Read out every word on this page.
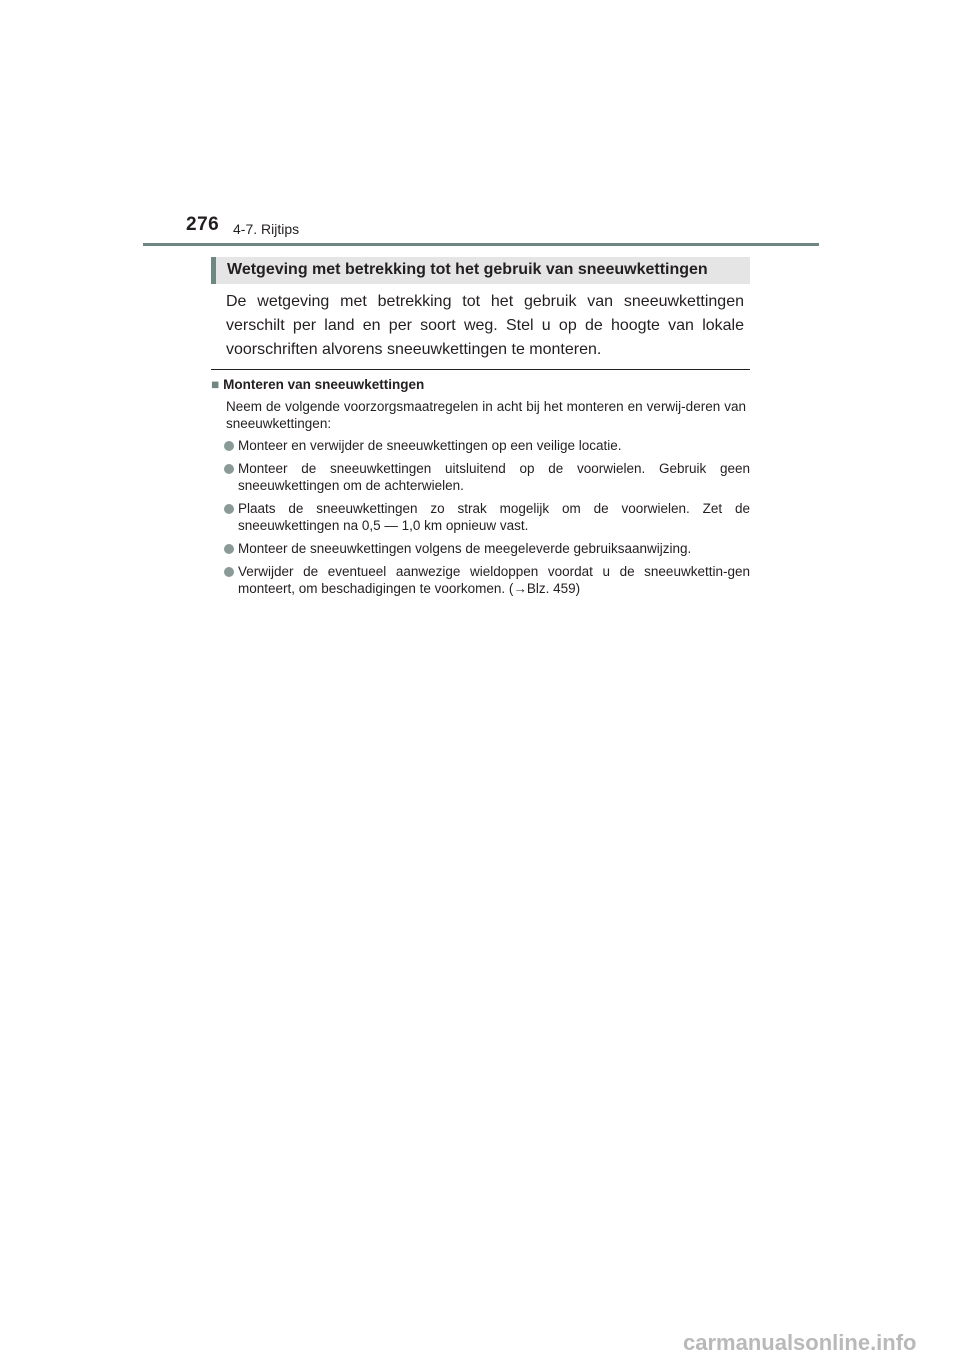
276 4-7. Rijtips
Wetgeving met betrekking tot het gebruik van sneeuwkettingen

De wetgeving met betrekking tot het gebruik van sneeuwkettingen verschilt per land en per soort weg. Stel u op de hoogte van lokale voorschriften alvorens sneeuwkettingen te monteren.

■ Monteren van sneeuwkettingen

Neem de volgende voorzorgsmaatregelen in acht bij het monteren en verwij-deren van sneeuwkettingen:

Monteer en verwijder de sneeuwkettingen op een veilige locatie.
Monteer de sneeuwkettingen uitsluitend op de voorwielen. Gebruik geen sneeuwkettingen om de achterwielen.
Plaats de sneeuwkettingen zo strak mogelijk om de voorwielen. Zet de sneeuwkettingen na 0,5 — 1,0 km opnieuw vast.
Monteer de sneeuwkettingen volgens de meegeleverde gebruiksaanwijzing.
Verwijder de eventueel aanwezige wieldoppen voordat u de sneeuwkettin-gen monteert, om beschadigingen te voorkomen. (→Blz. 459)
carmanualsonline.info
